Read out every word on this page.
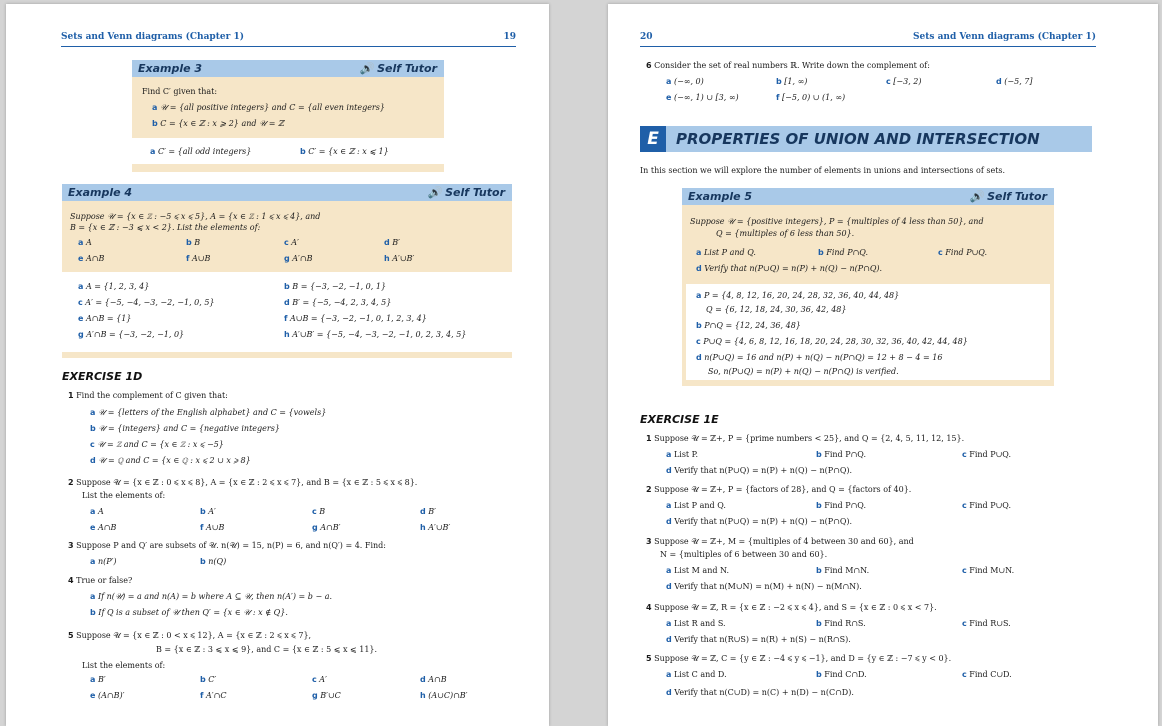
Sets and Venn diagrams (Chapter 1)	19
Example 3	🔊 Self Tutor
Find C′ given that:
a 𝒰 = {all positive integers} and C = {all even integers}
b C = {x ∈ ℤ : x ⩾ 2} and 𝒰 = ℤ
a C′ = {all odd integers}	b C′ = {x ∈ ℤ : x ⩽ 1}
Example 4	🔊 Self Tutor
Suppose 𝒰 = {x ∈ ℤ : −5 ⩽ x ⩽ 5}, A = {x ∈ ℤ : 1 ⩽ x ⩽ 4}, and
B = {x ∈ ℤ : −3 ⩽ x < 2}. List the elements of:
a A	b B	c A′	d B′
e A∩B	f A∪B	g A′∩B	h A′∪B′
a A = {1, 2, 3, 4}	b B = {−3, −2, −1, 0, 1}
c A′ = {−5, −4, −3, −2, −1, 0, 5}	d B′ = {−5, −4, 2, 3, 4, 5}
e A∩B = {1}	f A∪B = {−3, −2, −1, 0, 1, 2, 3, 4}
g A′∩B = {−3, −2, −1, 0}	h A′∪B′ = {−5, −4, −3, −2, −1, 0, 2, 3, 4, 5}
EXERCISE 1D
1 Find the complement of C given that:
a 𝒰 = {letters of the English alphabet} and C = {vowels}
b 𝒰 = {integers} and C = {negative integers}
c 𝒰 = ℤ and C = {x ∈ ℤ : x ⩽ −5}
d 𝒰 = ℚ and C = {x ∈ ℚ : x ⩽ 2 ∪ x ⩾ 8}
2 Suppose 𝒰 = {x ∈ ℤ : 0 ⩽ x ⩽ 8}, A = {x ∈ ℤ : 2 ⩽ x ⩽ 7}, and B = {x ∈ ℤ : 5 ⩽ x ⩽ 8}.
List the elements of:
a A	b A′	c B	d B′
e A∩B	f A∪B	g A∩B′	h A′∪B′
3 Suppose P and Q′ are subsets of 𝒰. n(𝒰) = 15, n(P) = 6, and n(Q′) = 4. Find:
a n(P′)	b n(Q)
4 True or false?
a If n(𝒰) = a and n(A) = b where A ⊆ 𝒰, then n(A′) = b − a.
b If Q is a subset of 𝒰 then Q′ = {x ∈ 𝒰 : x ∉ Q}.
5 Suppose 𝒰 = {x ∈ ℤ : 0 < x ⩽ 12}, A = {x ∈ ℤ : 2 ⩽ x ⩽ 7},
B = {x ∈ ℤ : 3 ⩽ x ⩽ 9}, and C = {x ∈ ℤ : 5 ⩽ x ⩽ 11}.
List the elements of:
a B′	b C′	c A′	d A∩B
e (A∩B)′	f A′∩C	g B′∪C	h (A∪C)∩B′
20	Sets and Venn diagrams (Chapter 1)
6 Consider the set of real numbers ℝ. Write down the complement of:
a (−∞, 0)	b [1, ∞)	c [−3, 2)	d (−5, 7]
e (−∞, 1) ∪ [3, ∞)	f [−5, 0) ∪ (1, ∞)
E	PROPERTIES OF UNION AND INTERSECTION
In this section we will explore the number of elements in unions and intersections of sets.
Example 5	🔊 Self Tutor
Suppose 𝒰 = {positive integers}, P = {multiples of 4 less than 50}, and
Q = {multiples of 6 less than 50}.
a List P and Q.	b Find P∩Q.	c Find P∪Q.
d Verify that n(P∪Q) = n(P) + n(Q) − n(P∩Q).
a P = {4, 8, 12, 16, 20, 24, 28, 32, 36, 40, 44, 48}
Q = {6, 12, 18, 24, 30, 36, 42, 48}
b P∩Q = {12, 24, 36, 48}
c P∪Q = {4, 6, 8, 12, 16, 18, 20, 24, 28, 30, 32, 36, 40, 42, 44, 48}
d n(P∪Q) = 16 and n(P) + n(Q) − n(P∩Q) = 12 + 8 − 4 = 16
So, n(P∪Q) = n(P) + n(Q) − n(P∩Q) is verified.
EXERCISE 1E
1 Suppose 𝒰 = ℤ+, P = {prime numbers < 25}, and Q = {2, 4, 5, 11, 12, 15}.
a List P.	b Find P∩Q.	c Find P∪Q.
d Verify that n(P∪Q) = n(P) + n(Q) − n(P∩Q).
2 Suppose 𝒰 = ℤ+, P = {factors of 28}, and Q = {factors of 40}.
a List P and Q.	b Find P∩Q.	c Find P∪Q.
d Verify that n(P∪Q) = n(P) + n(Q) − n(P∩Q).
3 Suppose 𝒰 = ℤ+, M = {multiples of 4 between 30 and 60}, and
N = {multiples of 6 between 30 and 60}.
a List M and N.	b Find M∩N.	c Find M∪N.
d Verify that n(M∪N) = n(M) + n(N) − n(M∩N).
4 Suppose 𝒰 = ℤ, R = {x ∈ ℤ : −2 ⩽ x ⩽ 4}, and S = {x ∈ ℤ : 0 ⩽ x < 7}.
a List R and S.	b Find R∩S.	c Find R∪S.
d Verify that n(R∪S) = n(R) + n(S) − n(R∩S).
5 Suppose 𝒰 = ℤ, C = {y ∈ ℤ : −4 ⩽ y ⩽ −1}, and D = {y ∈ ℤ : −7 ⩽ y < 0}.
a List C and D.	b Find C∩D.	c Find C∪D.
d Verify that n(C∪D) = n(C) + n(D) − n(C∩D).
